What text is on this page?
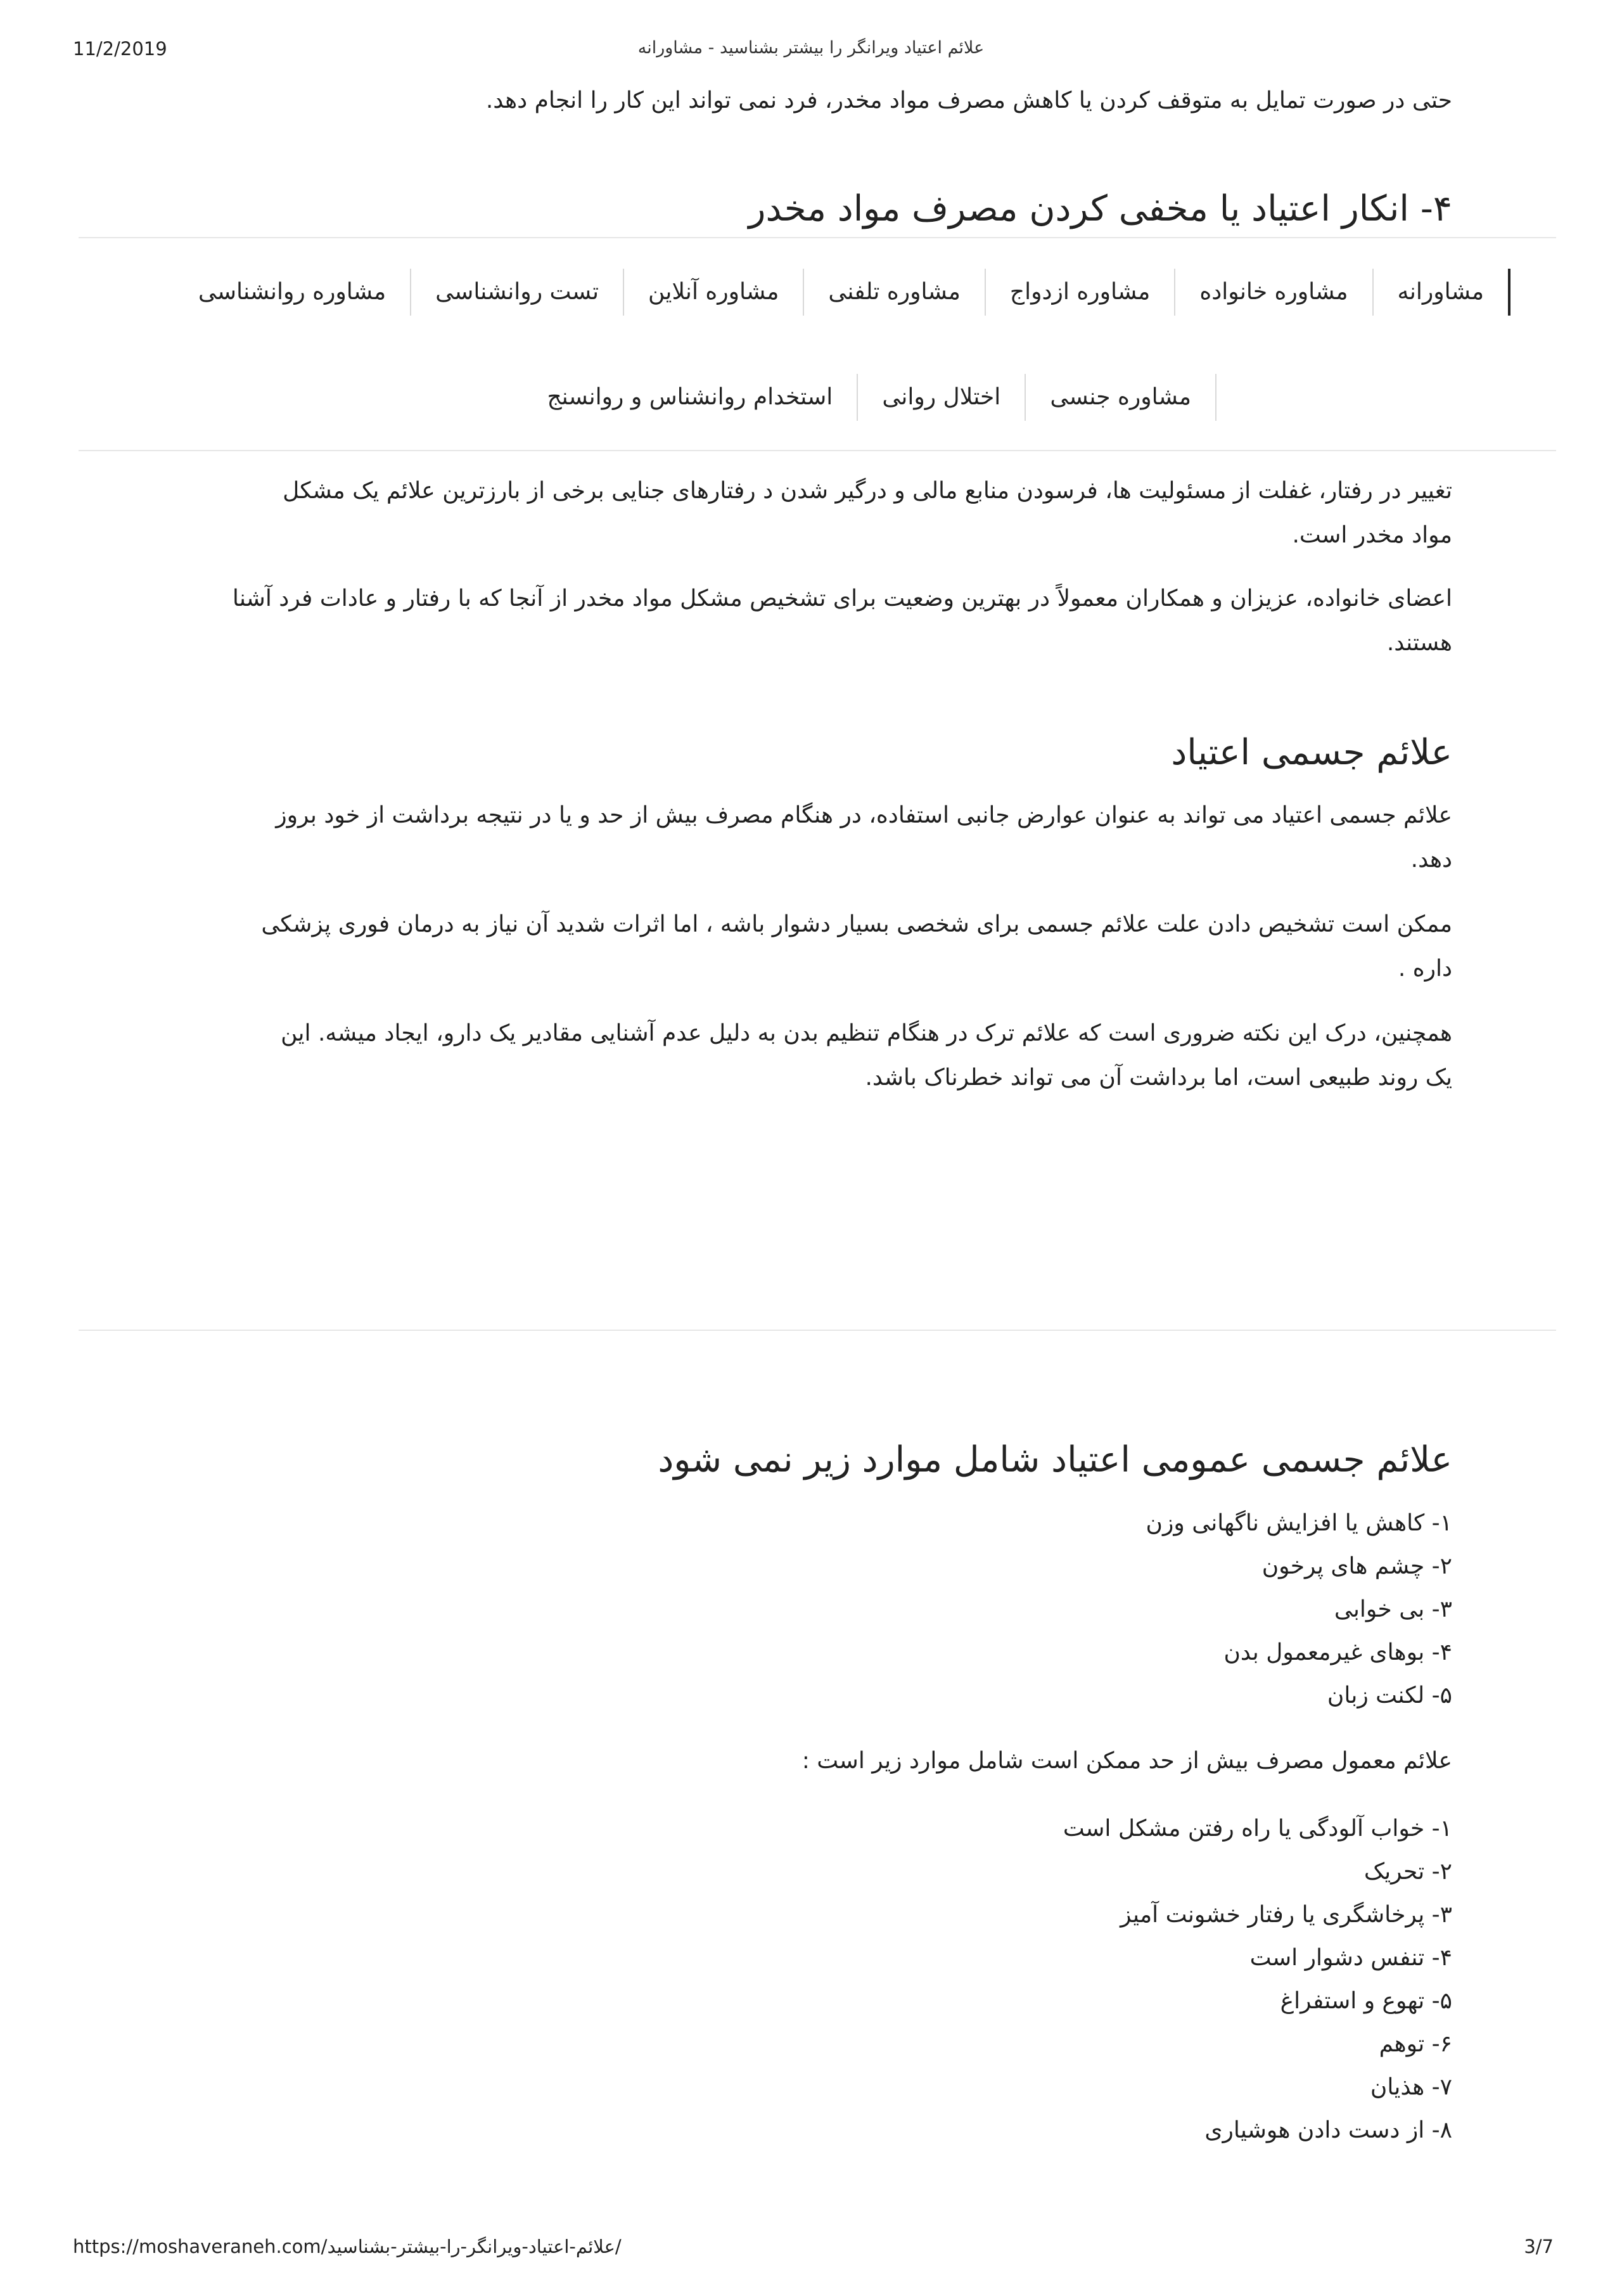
11/2/2019	علائم اعتیاد ویرانگر را بیشتر بشناسید - مشاورانه
حتی در صورت تمایل به متوقف کردن یا کاهش مصرف مواد مخدر، فرد نمی تواند این کار را انجام دهد.
۴- انکار اعتیاد یا مخفی کردن مصرف مواد مخدر
مشاورانه
مشاوره خانواده
مشاوره ازدواج
مشاوره تلفنی
مشاوره آنلاین
تست روانشناسی
مشاوره روانشناسی
مشاوره جنسی
اختلال روانی
استخدام روانشناس و روانسنج
تغییر در رفتار، غفلت از مسئولیت ها، فرسودن منابع مالی و درگیر شدن د رفتارهای جنایی برخی از بارزترین علائم یک مشکل
مواد مخدر است.
اعضای خانواده، عزیزان و همکاران معمولاً در بهترین وضعیت برای تشخیص مشکل مواد مخدر از آنجا که با رفتار و عادات فرد آشنا
هستند.
علائم جسمی اعتیاد
علائم جسمی اعتیاد می تواند به عنوان عوارض جانبی استفاده، در هنگام مصرف بیش از حد و یا در نتیجه برداشت از خود بروز
دهد.
ممکن است تشخیص دادن علت علائم جسمی برای شخصی بسیار دشوار باشه ، اما اثرات شدید آن نیاز به درمان فوری پزشکی
داره .
همچنین، درک این نکته ضروری است که علائم ترک در هنگام تنظیم بدن به دلیل عدم آشنایی مقادیر یک دارو، ایجاد میشه. این
یک روند طبیعی است، اما برداشت آن می تواند خطرناک باشد.
علائم جسمی عمومی اعتیاد شامل موارد زیر نمی شود
۱- کاهش یا افزایش ناگهانی وزن
۲- چشم های پرخون
۳- بی خوابی
۴- بوهای غیرمعمول بدن
۵- لکنت زبان
علائم معمول مصرف بیش از حد ممکن است شامل موارد زیر است :
۱- خواب آلودگی یا راه رفتن مشکل است
۲- تحریک
۳- پرخاشگری یا رفتار خشونت آمیز
۴- تنفس دشوار است
۵- تهوع و استفراغ
۶- توهم
۷- هذیان
۸- از دست دادن هوشیاری
https://moshaveraneh.com/علائم-اعتیاد-ویرانگر-را-بیشتر-بشناسید/	3/7
